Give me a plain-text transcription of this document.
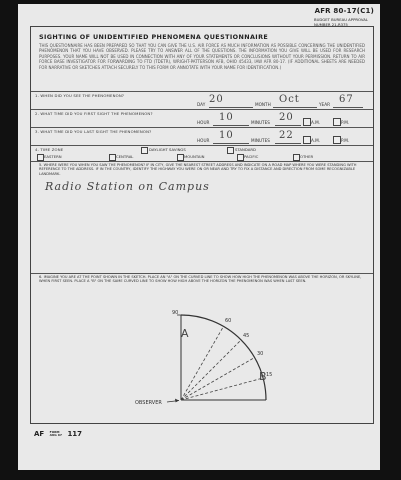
AFR 80-17(C1)
BUDGET BUREAU APPROVAL
NUMBER 21-R375
SIGHTING OF UNIDENTIFIED PHENOMENA QUESTIONNAIRE
THIS QUESTIONNAIRE HAS BEEN PREPARED SO THAT YOU CAN GIVE THE U.S. AIR FORCE AS MUCH INFORMATION AS POSSIBLE CONCERNING THE UNIDENTIFIED PHENOMENON THAT YOU HAVE OBSERVED. PLEASE TRY TO ANSWER ALL OF THE QUESTIONS. THE INFORMATION YOU GIVE WILL BE USED FOR RESEARCH PURPOSES. YOUR NAME WILL NOT BE USED IN CONNECTION WITH ANY OF YOUR STATEMENTS OR CONCLUSIONS WITHOUT YOUR PERMISSION. RETURN TO AIR FORCE BASE INVESTIGATOR FOR FORWARDING TO FTD (TDETR), WRIGHT-PATTERSON AFB, OHIO 45433, IAW AFR 80-17. (IF ADDITIONAL SHEETS ARE NEEDED FOR NARRATIVE OR SKETCHES ATTACH SECURELY TO THIS FORM OR ANNOTATE WITH YOUR NAME FOR IDENTIFICATION.)
1. WHEN DID YOU SEE THE PHENOMENON?
DAY 20	MONTH Oct	YEAR 67
2. WHAT TIME DID YOU FIRST SIGHT THE PHENOMENON?
HOUR 10	MINUTES 20	A.M.	P.M.
3. WHAT TIME DID YOU LAST SIGHT THE PHENOMENON?
HOUR 10	MINUTES 22	A.M.	P.M.
4. TIME ZONE	DAYLIGHT SAVINGS	STANDARD
EASTERN	CENTRAL	MOUNTAIN	PACIFIC	OTHER
5. WHERE WERE YOU WHEN YOU SAW THE PHENOMENON? IF IN CITY, GIVE THE NEAREST STREET ADDRESS AND INDICATE ON A ROAD MAP WHERE YOU WERE STANDING WITH REFERENCE TO THE ADDRESS. IF IN THE COUNTRY, IDENTIFY THE HIGHWAY YOU WERE ON OR NEAR AND TRY TO FIX A DISTANCE AND DIRECTION FROM SOME RECOGNIZABLE LANDMARK.
Radio Station on Campus
6. IMAGINE YOU ARE AT THE POINT SHOWN IN THE SKETCH. PLACE AN "A" ON THE CURVED LINE TO SHOW HOW HIGH THE PHENOMENON WAS ABOVE THE HORIZON, OR SKYLINE, WHEN FIRST SEEN. PLACE A "B" ON THE SAME CURVED LINE TO SHOW HOW HIGH ABOVE THE HORIZON THE PHENOMENON WAS WHEN LAST SEEN.
90
60
45
30
15
A
B
OBSERVER
AF FORM
AUG 67 117
